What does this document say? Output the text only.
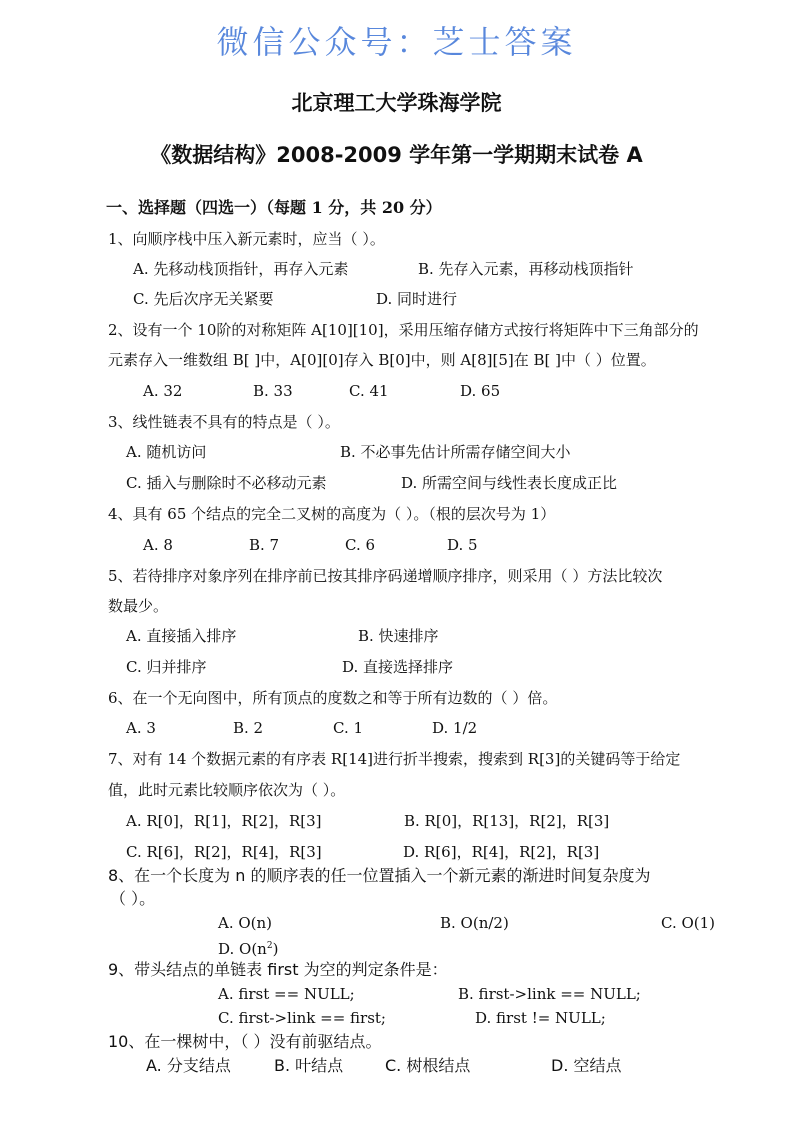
微信公众号：芝士答案
北京理工大学珠海学院
《数据结构》2008-2009 学年第一学期期末试卷 A
一、选择题（四选一）（每题 1 分，共 20 分）
1、向顺序栈中压入新元素时，应当（ ）。
A. 先移动栈顶指针，再存入元素	B. 先存入元素，再移动栈顶指针
C. 先后次序无关紧要	D. 同时进行
2、设有一个 10阶的对称矩阵 A[10][10]，采用压缩存储方式按行将矩阵中下三角部分的
元素存入一维数组 B[ ]中，A[0][0]存入 B[0]中，则 A[8][5]在 B[ ]中（ ）位置。
A. 32	B. 33	C. 41	D. 65
3、线性链表不具有的特点是（ ）。
A. 随机访问	B. 不必事先估计所需存储空间大小
C. 插入与删除时不必移动元素	D. 所需空间与线性表长度成正比
4、具有 65 个结点的完全二叉树的高度为（ ）。（根的层次号为 1）
A. 8	B. 7	C. 6	D. 5
5、若待排序对象序列在排序前已按其排序码递增顺序排序，则采用（ ）方法比较次
数最少。
A. 直接插入排序	B. 快速排序
C. 归并排序	D. 直接选择排序
6、在一个无向图中，所有顶点的度数之和等于所有边数的（ ）倍。
A. 3	B. 2	C. 1	D. 1/2
7、对有 14 个数据元素的有序表 R[14]进行折半搜索，搜索到 R[3]的关键码等于给定
值，此时元素比较顺序依次为（ ）。
A. R[0]，R[1]，R[2]，R[3]	B. R[0]，R[13]，R[2]，R[3]
C. R[6]，R[2]，R[4]，R[3]	D. R[6]，R[4]，R[2]，R[3]
8、在一个长度为 n 的顺序表的任一位置插入一个新元素的渐进时间复杂度为
（ ）。
A. O(n)	B. O(n/2)	C. O(1)
D. $O(n^2)$
9、带头结点的单链表 first 为空的判定条件是：
A. first == NULL;	B. first->link == NULL;
C. first->link == first;	D. first != NULL;
10、在一棵树中，（ ）没有前驱结点。
A. 分支结点	B. 叶结点	C. 树根结点	D. 空结点
